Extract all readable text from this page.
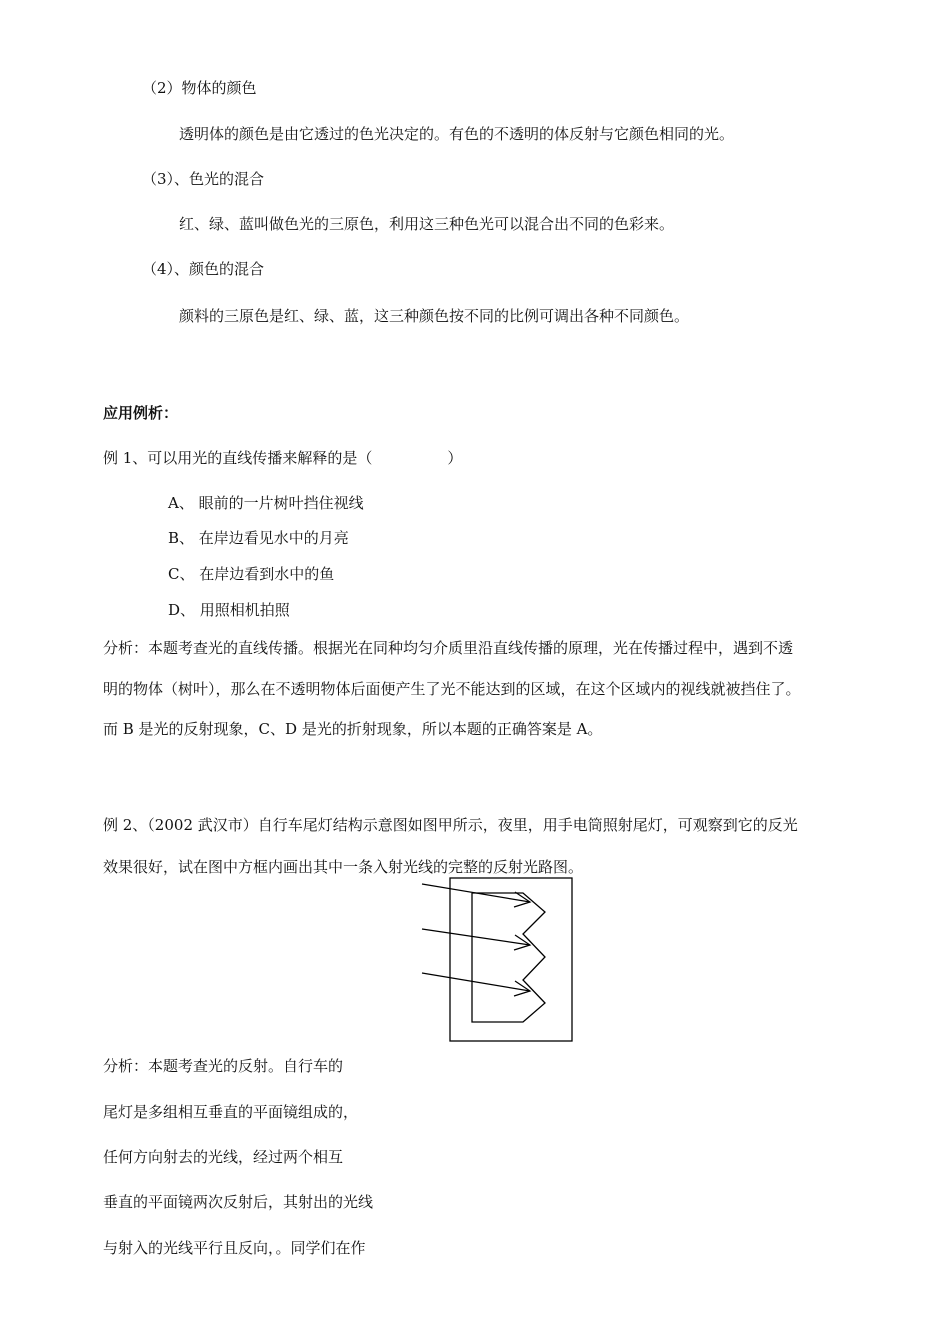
（2）物体的颜色
透明体的颜色是由它透过的色光决定的。有色的不透明的体反射与它颜色相同的光。
（3）、色光的混合
红、绿、蓝叫做色光的三原色，利用这三种色光可以混合出不同的色彩来。
（4）、颜色的混合
颜料的三原色是红、绿、蓝，这三种颜色按不同的比例可调出各种不同颜色。
应用例析：
例 1、可以用光的直线传播来解释的是（　　　　　）
A、 眼前的一片树叶挡住视线
B、 在岸边看见水中的月亮
C、 在岸边看到水中的鱼
D、 用照相机拍照
分析：本题考查光的直线传播。根据光在同种均匀介质里沿直线传播的原理，光在传播过程中，遇到不透
明的物体（树叶），那么在不透明物体后面便产生了光不能达到的区域，在这个区域内的视线就被挡住了。
而 B 是光的反射现象，C、D 是光的折射现象，所以本题的正确答案是 A。
例 2、（2002 武汉市）自行车尾灯结构示意图如图甲所示，夜里，用手电筒照射尾灯，可观察到它的反光
效果很好，试在图中方框内画出其中一条入射光线的完整的反射光路图。
分析：本题考查光的反射。自行车的
尾灯是多组相互垂直的平面镜组成的，
任何方向射去的光线，经过两个相互
垂直的平面镜两次反射后，其射出的光线
与射入的光线平行且反向，。同学们在作
